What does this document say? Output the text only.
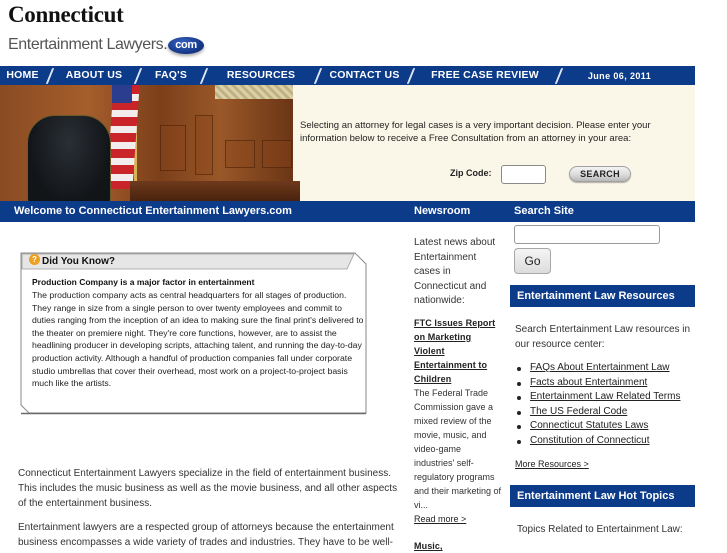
Connecticut
Entertainment Lawyers. com
HOME	ABOUT US	FAQ'S	RESOURCES	CONTACT US	FREE CASE REVIEW	June 06, 2011
Selecting an attorney for legal cases is a very important decision. Please enter your information below to receive a Free Consultation from an attorney in your area:
Zip Code:	SEARCH
Welcome to Connecticut Entertainment Lawyers.com	Newsroom	Search Site
? Did You Know?
Production Company is a major factor in entertainment
The production company acts as central headquarters for all stages of production. They range in size from a single person to over twenty employees and commit to duties ranging from the inception of an idea to making sure the final print's delivered to the theater on premiere night. They're core functions, however, are to assist the headlining producer in developing scripts, attaching talent, and running the day-to-day production activity. Although a handful of production companies fall under corporate studio umbrellas that cover their overhead, most work on a project-to-project basis much like the artists.
Connecticut Entertainment Lawyers specialize in the field of entertainment business. This includes the music business as well as the movie business, and all other aspects of the entertainment business.
Entertainment lawyers are a respected group of attorneys because the entertainment business encompasses a wide variety of trades and industries. They have to be well-
Latest news about Entertainment cases in Connecticut and nationwide:
FTC Issues Report on Marketing Violent Entertainment to Children
The Federal Trade Commission gave a mixed review of the movie, music, and video-game industries' self-regulatory programs and their marketing of vi...
Read more >
Music,
Go
Entertainment Law Resources
Search Entertainment Law resources in our resource center:
FAQs About Entertainment Law
Facts about Entertainment
Entertainment Law Related Terms
The US Federal Code
Connecticut Statutes Laws
Constitution of Connecticut
More Resources >
Entertainment Law Hot Topics
Topics Related to Entertainment Law:
